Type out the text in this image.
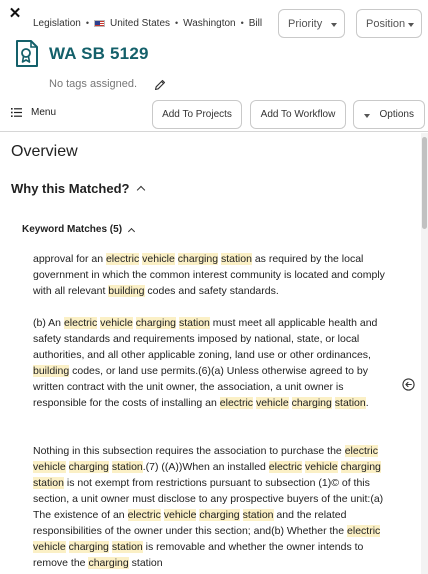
✕
Legislation • United States • Washington • Bill Priority	Position
WA SB 5129
No tags assigned.
Menu	Add To Projects	Add To Workflow	Options
Overview
Why this Matched?
Keyword Matches (5)
approval for an electric vehicle charging station as required by the local government in which the common interest community is located and comply with all relevant building codes and safety standards.
(b) An electric vehicle charging station must meet all applicable health and safety standards and requirements imposed by national, state, or local authorities, and all other applicable zoning, land use or other ordinances, building codes, or land use permits.(6)(a) Unless otherwise agreed to by written contract with the unit owner, the association, a unit owner is responsible for the costs of installing an electric vehicle charging station.
Nothing in this subsection requires the association to purchase the electric vehicle charging station.(7) ((A))When an installed electric vehicle charging station is not exempt from restrictions pursuant to subsection (1)© of this section, a unit owner must disclose to any prospective buyers of the unit:(a) The existence of an electric vehicle charging station and the related responsibilities of the owner under this section; and(b) Whether the electric vehicle charging station is removable and whether the owner intends to remove the charging station
